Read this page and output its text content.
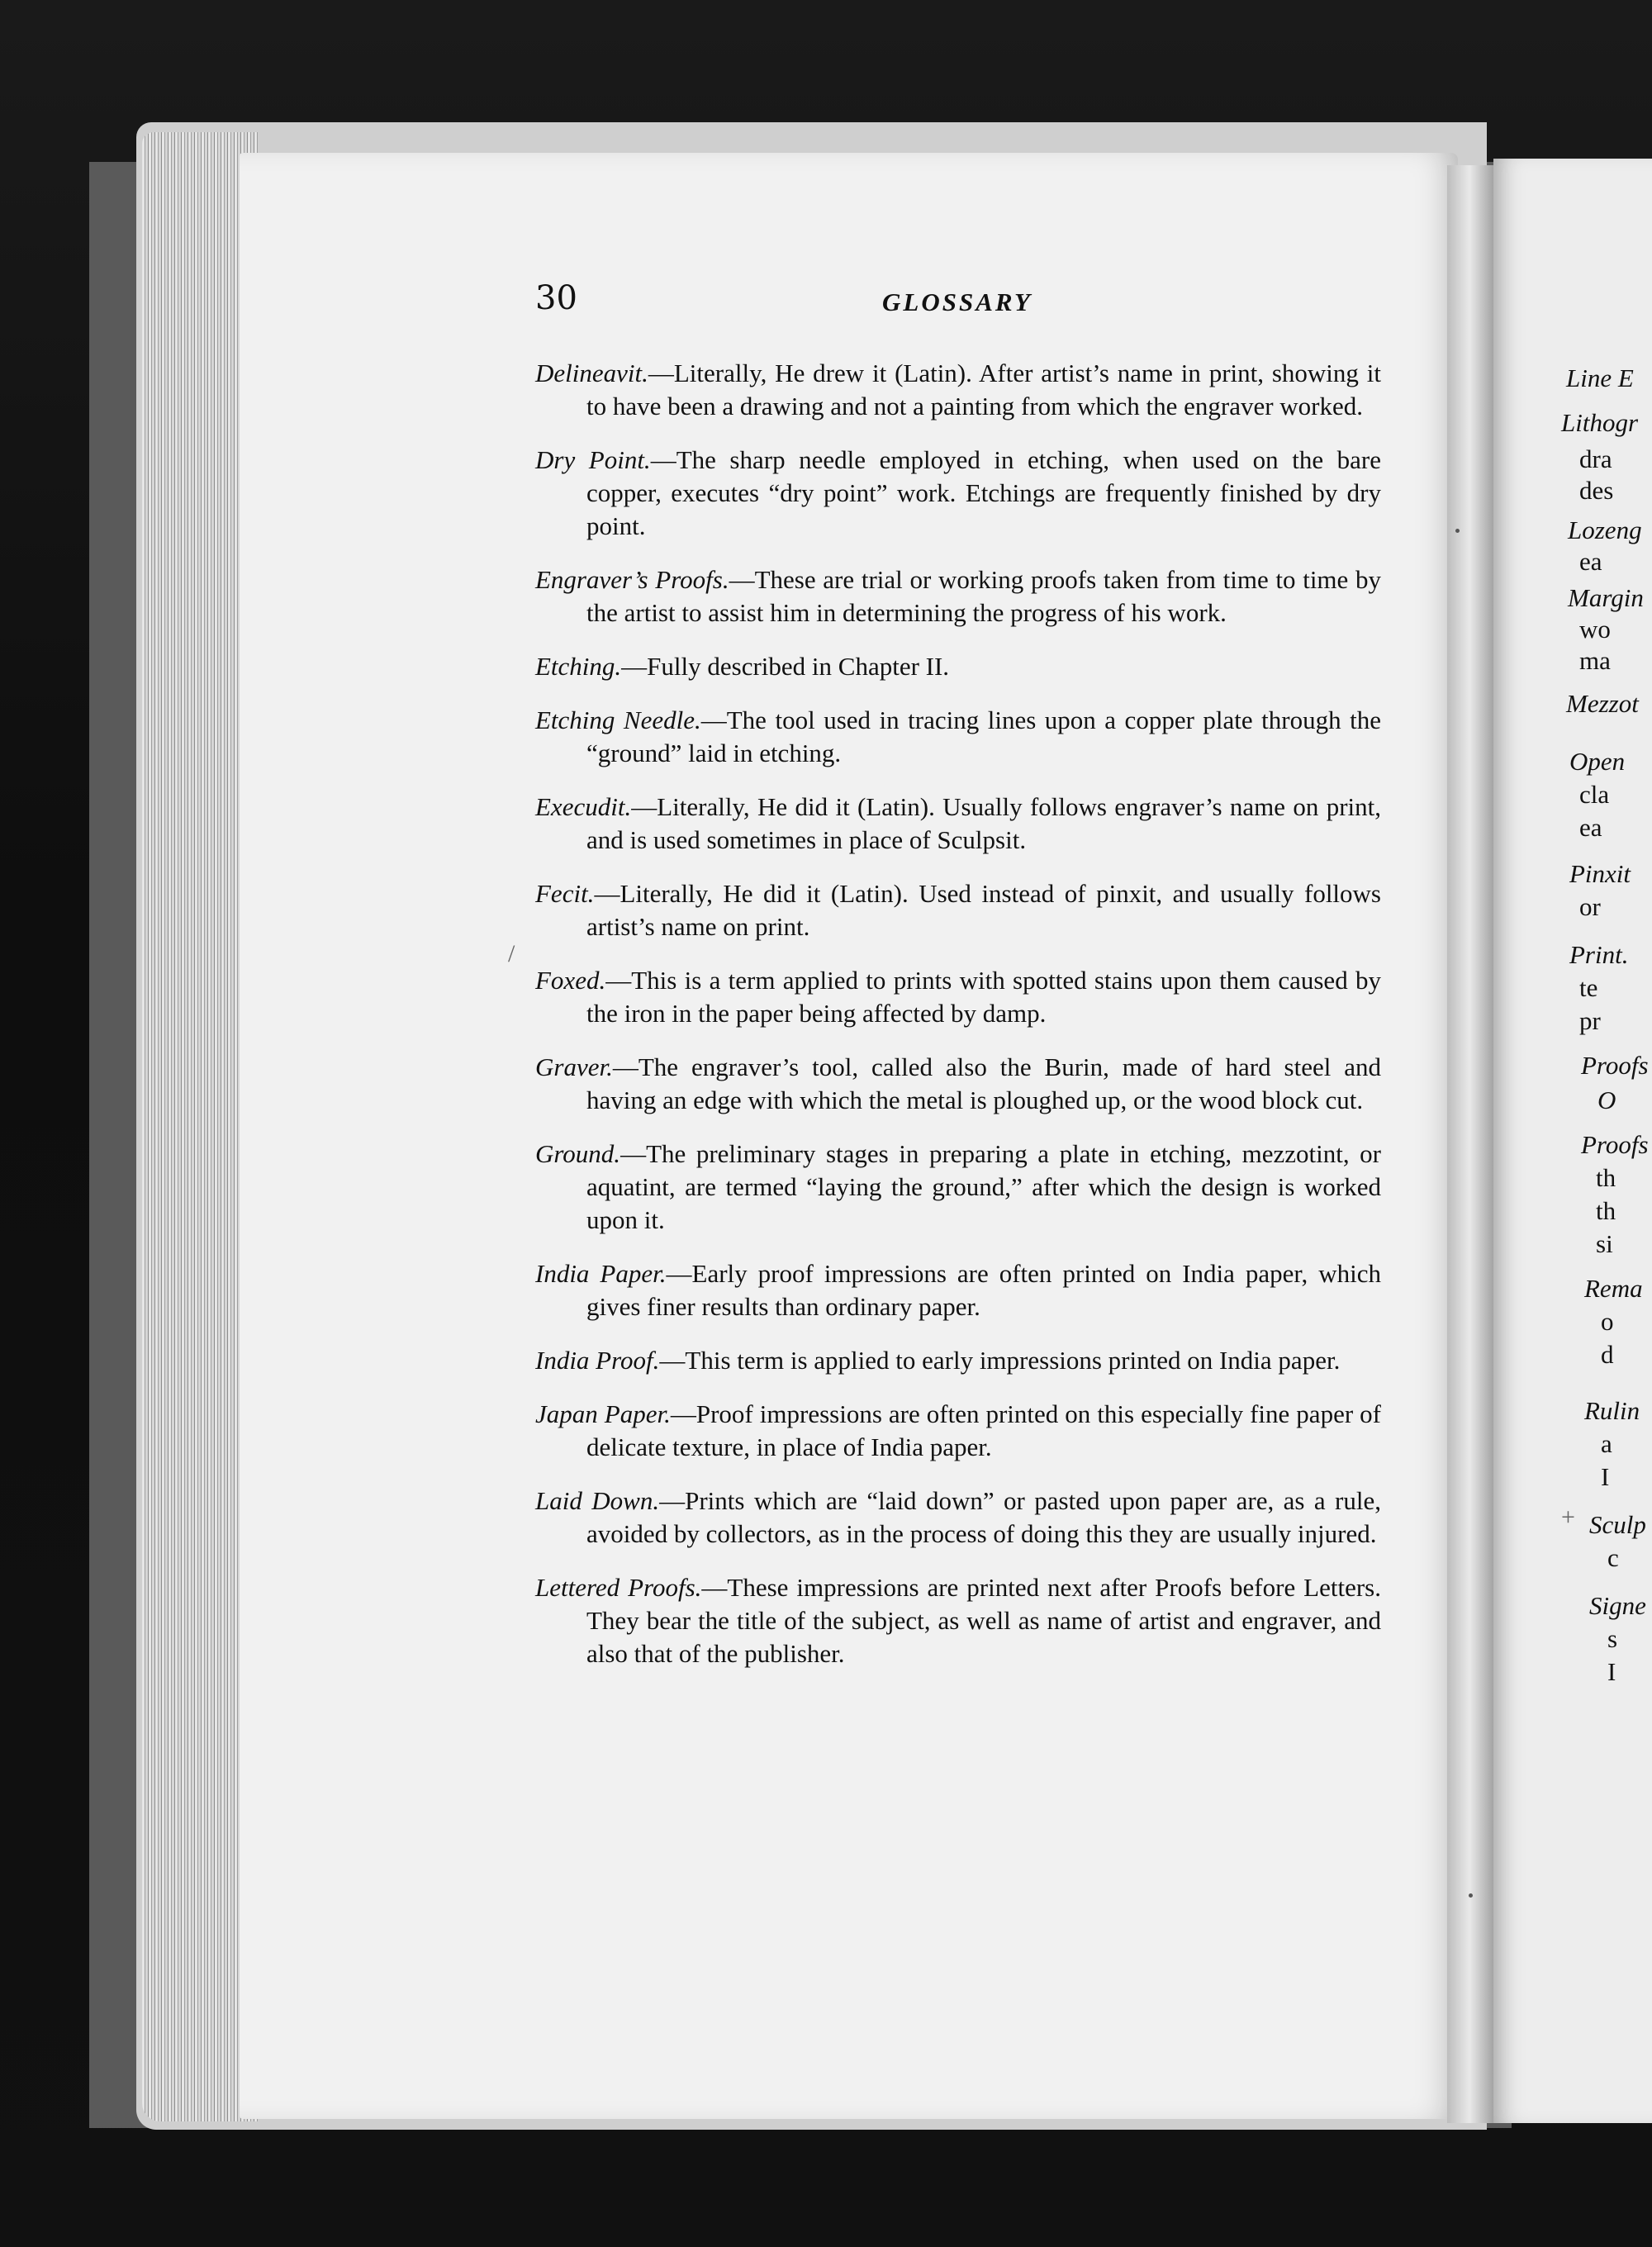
Line E
Lithogr
dra
des
Lozeng
ea
Margin
wo
ma
Mezzot
Open
cla
ea
Pinxit
or
Print.
te
pr
Proofs
O
Proofs
th
th
si
Rema
o
d
Rulin
a
I
Sculp
c
Signe
s
I
30	GLOSSARY

Delineavit.—Literally, He drew it (Latin). After artist’s name in print, showing it to have been a drawing and not a painting from which the engraver worked.

Dry Point.—The sharp needle employed in etching, when used on the bare copper, executes “dry point” work. Etchings are frequently finished by dry point.

Engraver’s Proofs.—These are trial or working proofs taken from time to time by the artist to assist him in determining the progress of his work.

Etching.—Fully described in Chapter II.

Etching Needle.—The tool used in tracing lines upon a copper plate through the “ground” laid in etching.

Execudit.—Literally, He did it (Latin). Usually follows engraver’s name on print, and is used sometimes in place of Sculpsit.

Fecit.—Literally, He did it (Latin). Used instead of pinxit, and usually follows artist’s name on print.

Foxed.—This is a term applied to prints with spotted stains upon them caused by the iron in the paper being affected by damp.

Graver.—The engraver’s tool, called also the Burin, made of hard steel and having an edge with which the metal is ploughed up, or the wood block cut.

Ground.—The preliminary stages in preparing a plate in etching, mezzotint, or aquatint, are termed “laying the ground,” after which the design is worked upon it.

India Paper.—Early proof impressions are often printed on India paper, which gives finer results than ordinary paper.

India Proof.—This term is applied to early impressions printed on India paper.

Japan Paper.—Proof impressions are often printed on this especially fine paper of delicate texture, in place of India paper.

Laid Down.—Prints which are “laid down” or pasted upon paper are, as a rule, avoided by collectors, as in the process of doing this they are usually injured.

Lettered Proofs.—These impressions are printed next after Proofs before Letters. They bear the title of the subject, as well as name of artist and engraver, and also that of the publisher.

/
+
